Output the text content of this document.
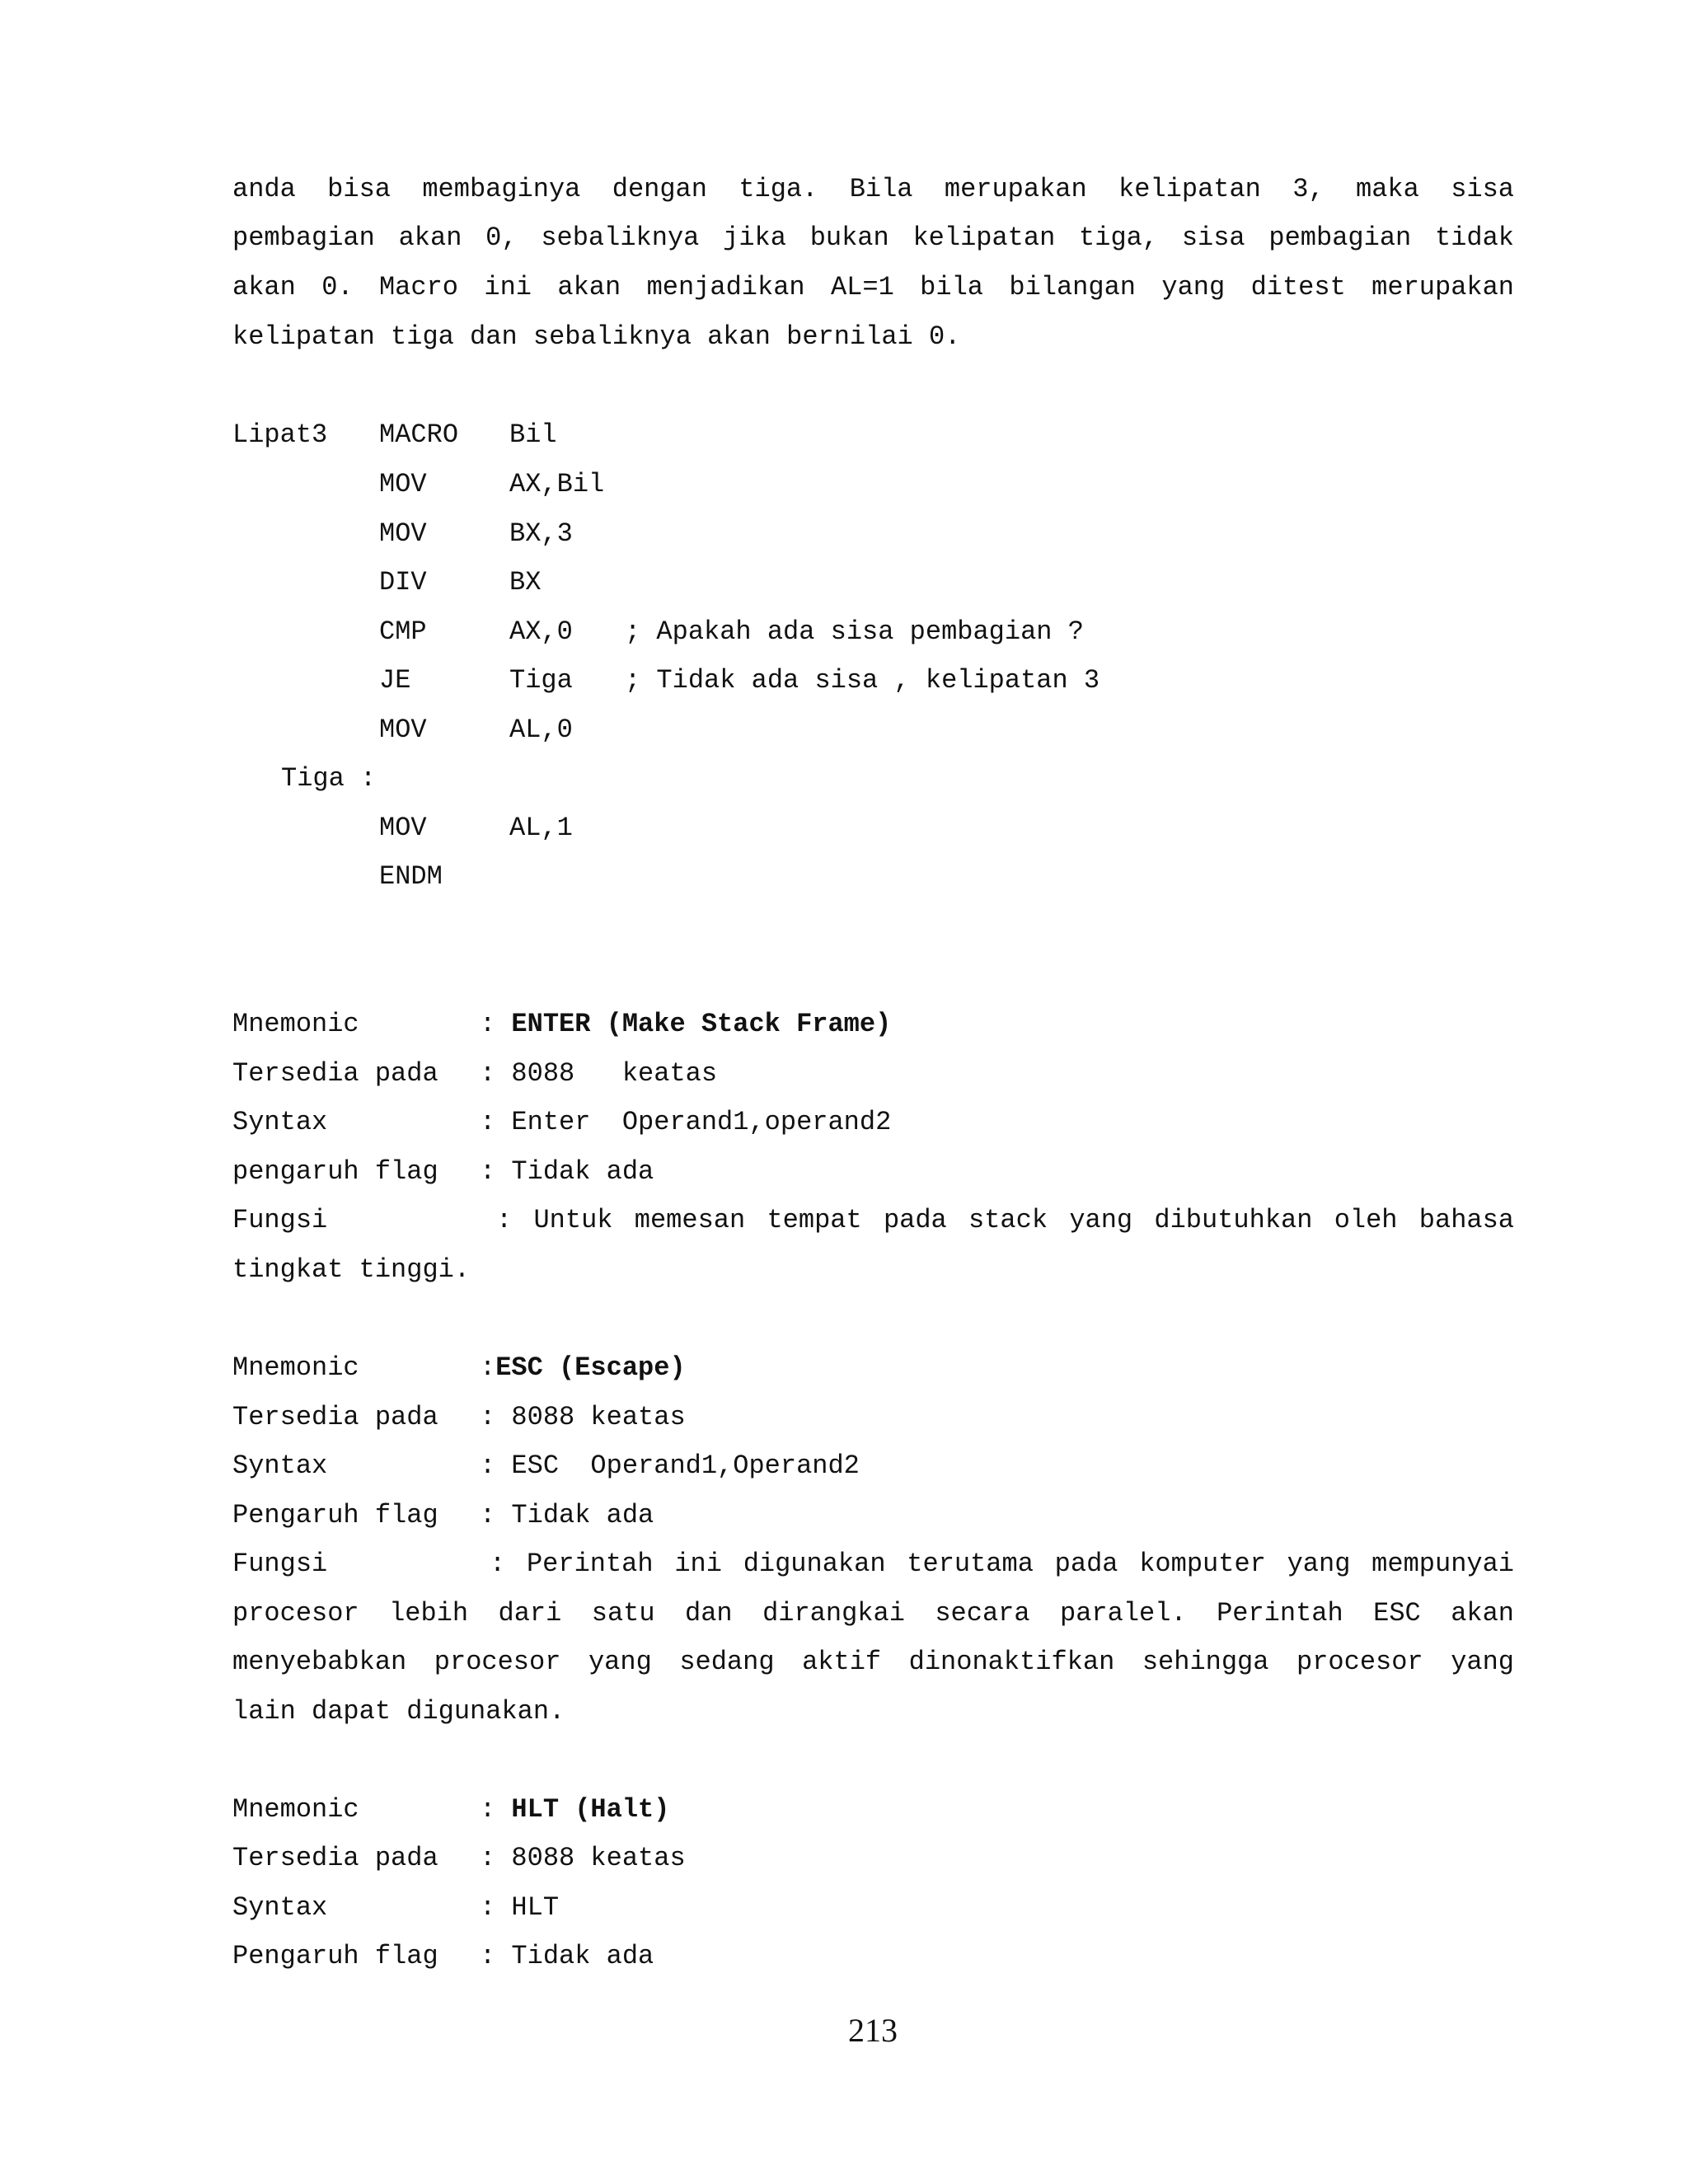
anda bisa membaginya dengan tiga. Bila merupakan kelipatan 3, maka sisa
pembagian akan 0, sebaliknya jika bukan kelipatan tiga, sisa pembagian tidak
akan 0. Macro ini akan menjadikan AL=1 bila bilangan yang ditest merupakan
kelipatan tiga dan sebaliknya akan bernilai 0.
Lipat3 MACRO Bil
MOV	AX,Bil
MOV	BX,3
DIV	BX
CMP	AX,0 ; Apakah ada sisa pembagian ?
JE	Tiga ; Tidak ada sisa , kelipatan 3
MOV	AL,0
Tiga :
MOV	AL,1
ENDM
Mnemonic	: ENTER (Make Stack Frame)
Tersedia pada : 8088   keatas
Syntax	: Enter  Operand1,operand2
pengaruh flag : Tidak ada
Fungsi	: Untuk memesan tempat pada stack yang dibutuhkan oleh bahasa
tingkat tinggi.
Mnemonic	:ESC (Escape)
Tersedia pada : 8088 keatas
Syntax	: ESC  Operand1,Operand2
Pengaruh flag : Tidak ada
Fungsi	: Perintah ini digunakan terutama pada komputer yang mempunyai
procesor lebih dari satu dan dirangkai secara paralel. Perintah ESC akan
menyebabkan procesor yang sedang aktif dinonaktifkan sehingga procesor yang
lain dapat digunakan.
Mnemonic	: HLT (Halt)
Tersedia pada : 8088 keatas
Syntax	: HLT
Pengaruh flag : Tidak ada
213
